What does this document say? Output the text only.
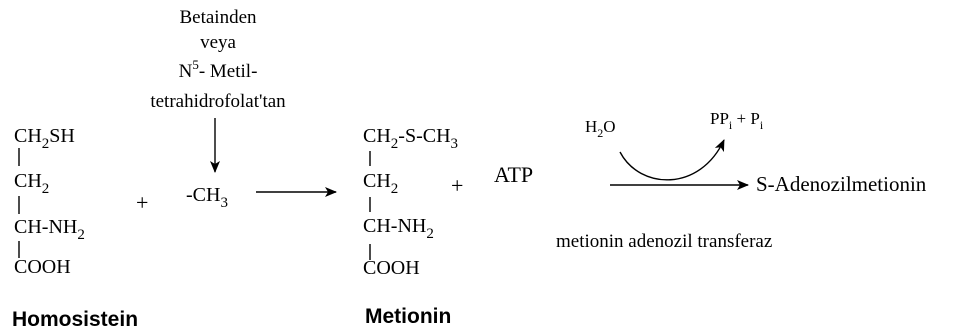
Betainden
veya
$N^5-$ Metil-
tetrahidrofolat'tan
$CH_2SH$
$CH_2$
$CH-NH_2$
COOH
Homosistein
+ $-CH_3$
$CH_2-S-CH_3$
$CH_2$
$CH-NH_2$
COOH
Metionin
+ ATP
$H_2O$	$PP_i + P_i$
S-Adenozilmetionin
metionin adenozil transferaz
